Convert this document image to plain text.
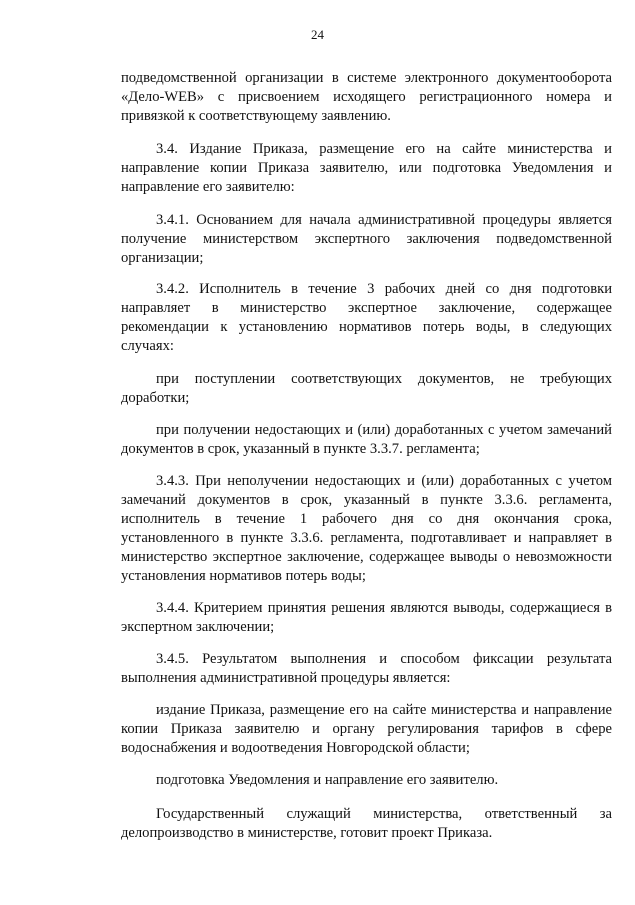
24
подведомственной организации в системе электронного документооборота
«Дело-WEB» с присвоением исходящего регистрационного номера и
привязкой к соответствующему заявлению.
3.4. Издание Приказа, размещение его на сайте министерства и
направление копии Приказа заявителю, или подготовка Уведомления и
направление его заявителю:
3.4.1. Основанием для начала административной процедуры является
получение министерством экспертного заключения подведомственной
организации;
3.4.2. Исполнитель в течение 3 рабочих дней со дня подготовки
направляет в министерство экспертное заключение, содержащее
рекомендации к установлению нормативов потерь воды, в следующих
случаях:
при поступлении соответствующих документов, не требующих
доработки;
при получении недостающих и (или) доработанных с учетом замечаний
документов в срок, указанный в пункте 3.3.7. регламента;
3.4.3. При неполучении недостающих и (или) доработанных с учетом
замечаний документов в срок, указанный в пункте 3.3.6. регламента,
исполнитель в течение 1 рабочего дня со дня окончания срока,
установленного в пункте 3.3.6. регламента, подготавливает и направляет в
министерство экспертное заключение, содержащее выводы о невозможности
установления нормативов потерь воды;
3.4.4. Критерием принятия решения являются выводы, содержащиеся в
экспертном заключении;
3.4.5. Результатом выполнения и способом фиксации результата
выполнения административной процедуры является:
издание Приказа, размещение его на сайте министерства и направление
копии Приказа заявителю и органу регулирования тарифов в сфере
водоснабжения и водоотведения Новгородской области;
подготовка Уведомления и направление его заявителю.
Государственный служащий министерства, ответственный за
делопроизводство в министерстве, готовит проект Приказа.
